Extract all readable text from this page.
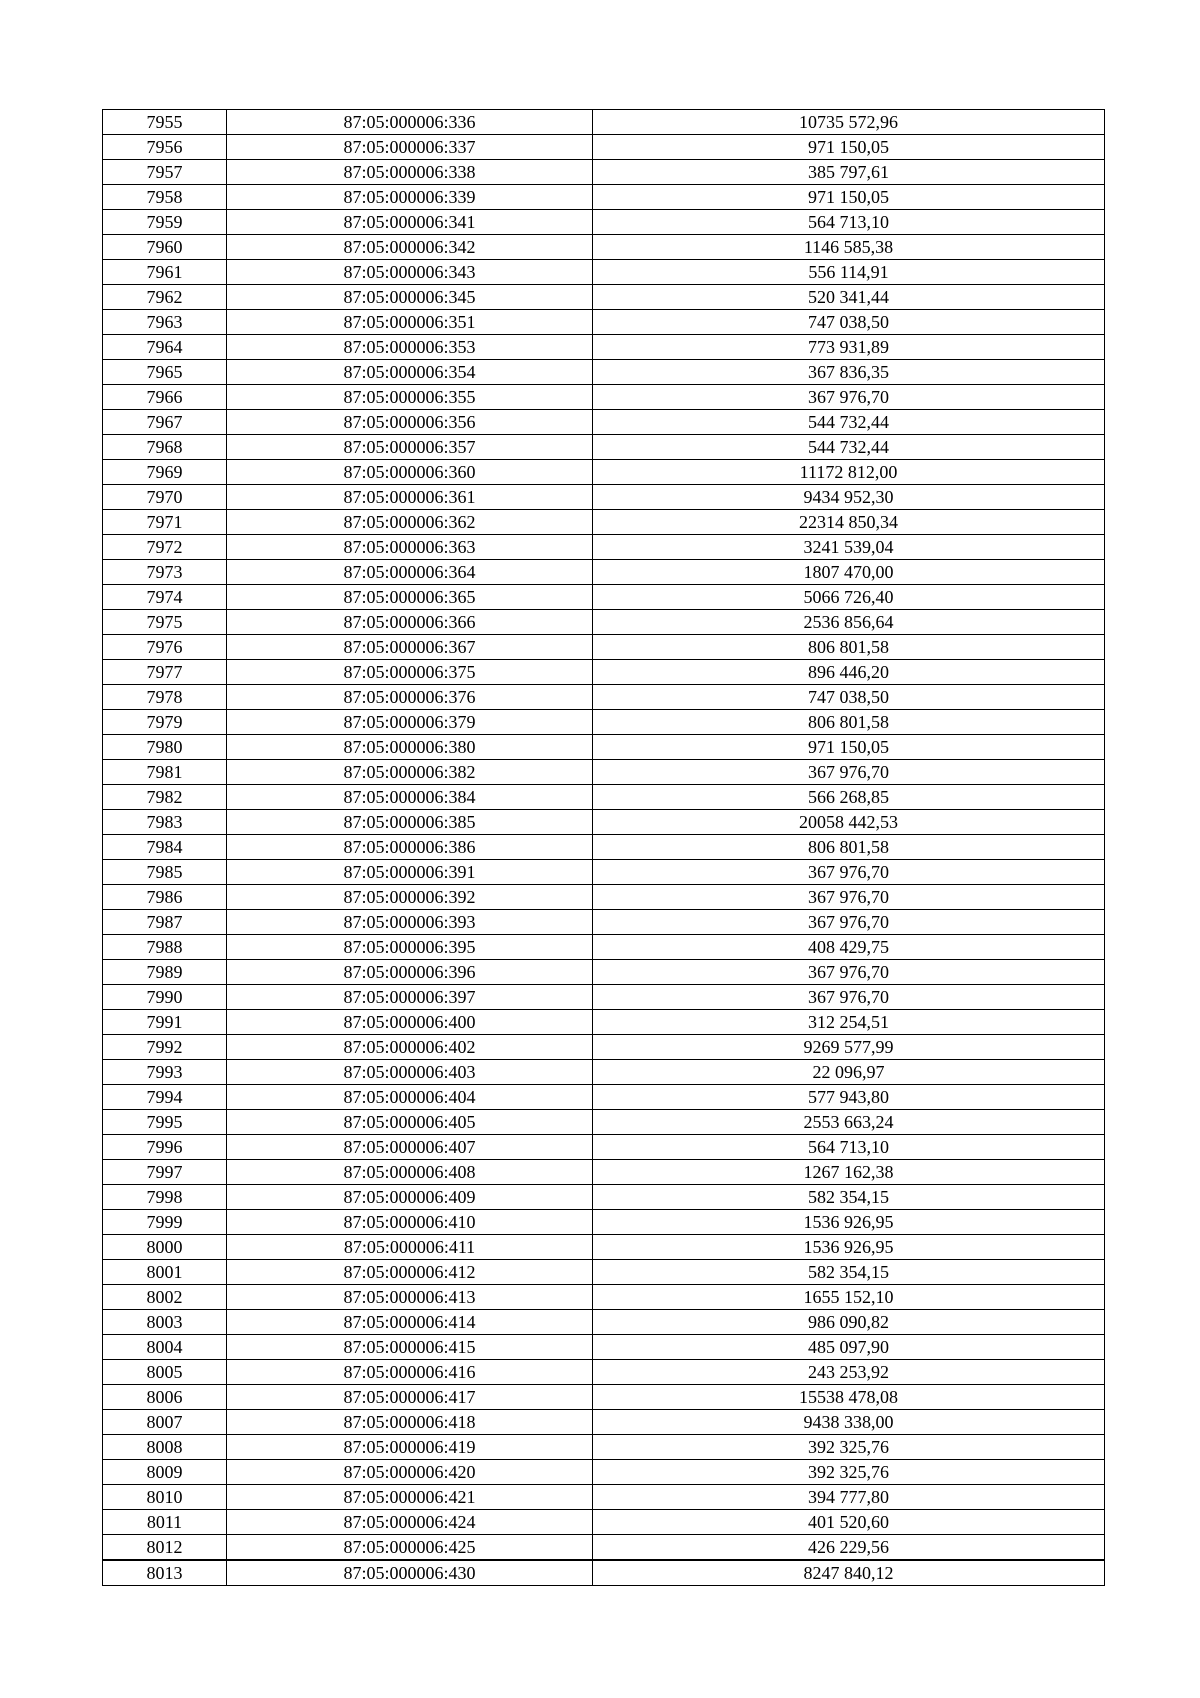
7955	87:05:000006:336	10735 572,96
7956	87:05:000006:337	971 150,05
7957	87:05:000006:338	385 797,61
7958	87:05:000006:339	971 150,05
7959	87:05:000006:341	564 713,10
7960	87:05:000006:342	1146 585,38
7961	87:05:000006:343	556 114,91
7962	87:05:000006:345	520 341,44
7963	87:05:000006:351	747 038,50
7964	87:05:000006:353	773 931,89
7965	87:05:000006:354	367 836,35
7966	87:05:000006:355	367 976,70
7967	87:05:000006:356	544 732,44
7968	87:05:000006:357	544 732,44
7969	87:05:000006:360	11172 812,00
7970	87:05:000006:361	9434 952,30
7971	87:05:000006:362	22314 850,34
7972	87:05:000006:363	3241 539,04
7973	87:05:000006:364	1807 470,00
7974	87:05:000006:365	5066 726,40
7975	87:05:000006:366	2536 856,64
7976	87:05:000006:367	806 801,58
7977	87:05:000006:375	896 446,20
7978	87:05:000006:376	747 038,50
7979	87:05:000006:379	806 801,58
7980	87:05:000006:380	971 150,05
7981	87:05:000006:382	367 976,70
7982	87:05:000006:384	566 268,85
7983	87:05:000006:385	20058 442,53
7984	87:05:000006:386	806 801,58
7985	87:05:000006:391	367 976,70
7986	87:05:000006:392	367 976,70
7987	87:05:000006:393	367 976,70
7988	87:05:000006:395	408 429,75
7989	87:05:000006:396	367 976,70
7990	87:05:000006:397	367 976,70
7991	87:05:000006:400	312 254,51
7992	87:05:000006:402	9269 577,99
7993	87:05:000006:403	22 096,97
7994	87:05:000006:404	577 943,80
7995	87:05:000006:405	2553 663,24
7996	87:05:000006:407	564 713,10
7997	87:05:000006:408	1267 162,38
7998	87:05:000006:409	582 354,15
7999	87:05:000006:410	1536 926,95
8000	87:05:000006:411	1536 926,95
8001	87:05:000006:412	582 354,15
8002	87:05:000006:413	1655 152,10
8003	87:05:000006:414	986 090,82
8004	87:05:000006:415	485 097,90
8005	87:05:000006:416	243 253,92
8006	87:05:000006:417	15538 478,08
8007	87:05:000006:418	9438 338,00
8008	87:05:000006:419	392 325,76
8009	87:05:000006:420	392 325,76
8010	87:05:000006:421	394 777,80
8011	87:05:000006:424	401 520,60
8012	87:05:000006:425	426 229,56
8013	87:05:000006:430	8247 840,12
